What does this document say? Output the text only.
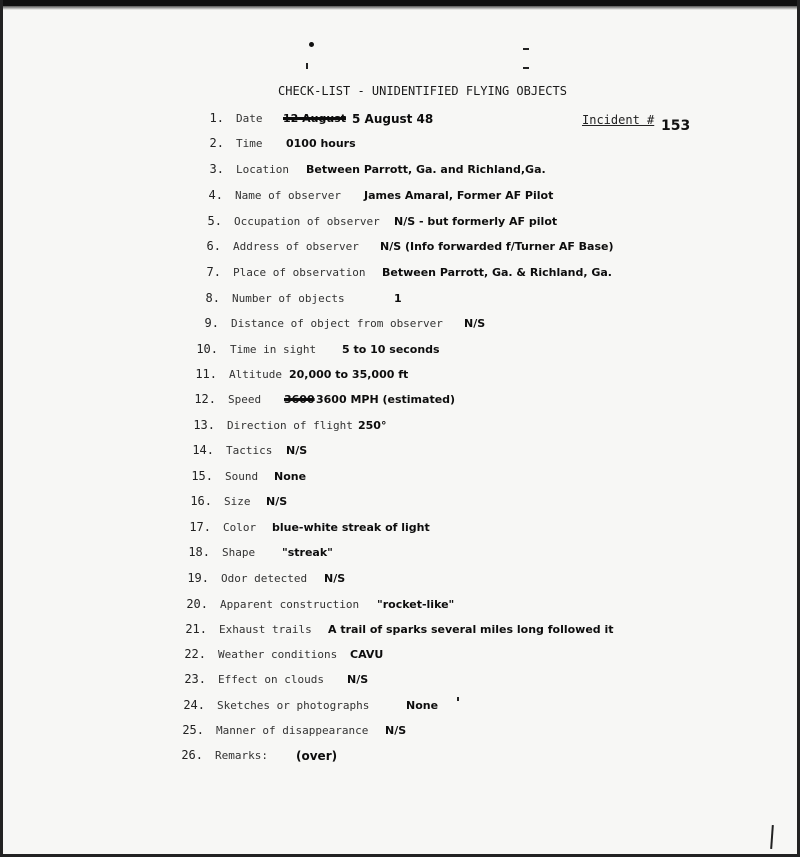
CHECK-LIST - UNIDENTIFIED FLYING OBJECTS
Incident # 153
1. Date 12 August 5 August 48
2. Time 0100 hours
3. Location Between Parrott, Ga. and Richland,Ga.
4. Name of observer James Amaral, Former AF Pilot
5. Occupation of observer N/S - but formerly AF pilot
6. Address of observer N/S (Info forwarded f/Turner AF Base)
7. Place of observation Between Parrott, Ga. & Richland, Ga.
8. Number of objects	1
9. Distance of object from observer N/S
10. Time in sight 5 to 10 seconds
11. Altitude 20,000 to 35,000 ft
12. Speed 3600 3600 MPH (estimated)
13. Direction of flight 250°
14. Tactics N/S
15. Sound None
16. Size N/S
17. Color blue-white streak of light
18. Shape "streak"
19. Odor detected N/S
20. Apparent construction "rocket-like"
21. Exhaust trails A trail of sparks several miles long followed it
22. Weather conditions CAVU
23. Effect on clouds N/S
24. Sketches or photographs	None
25. Manner of disappearance N/S
26. Remarks: (over)
